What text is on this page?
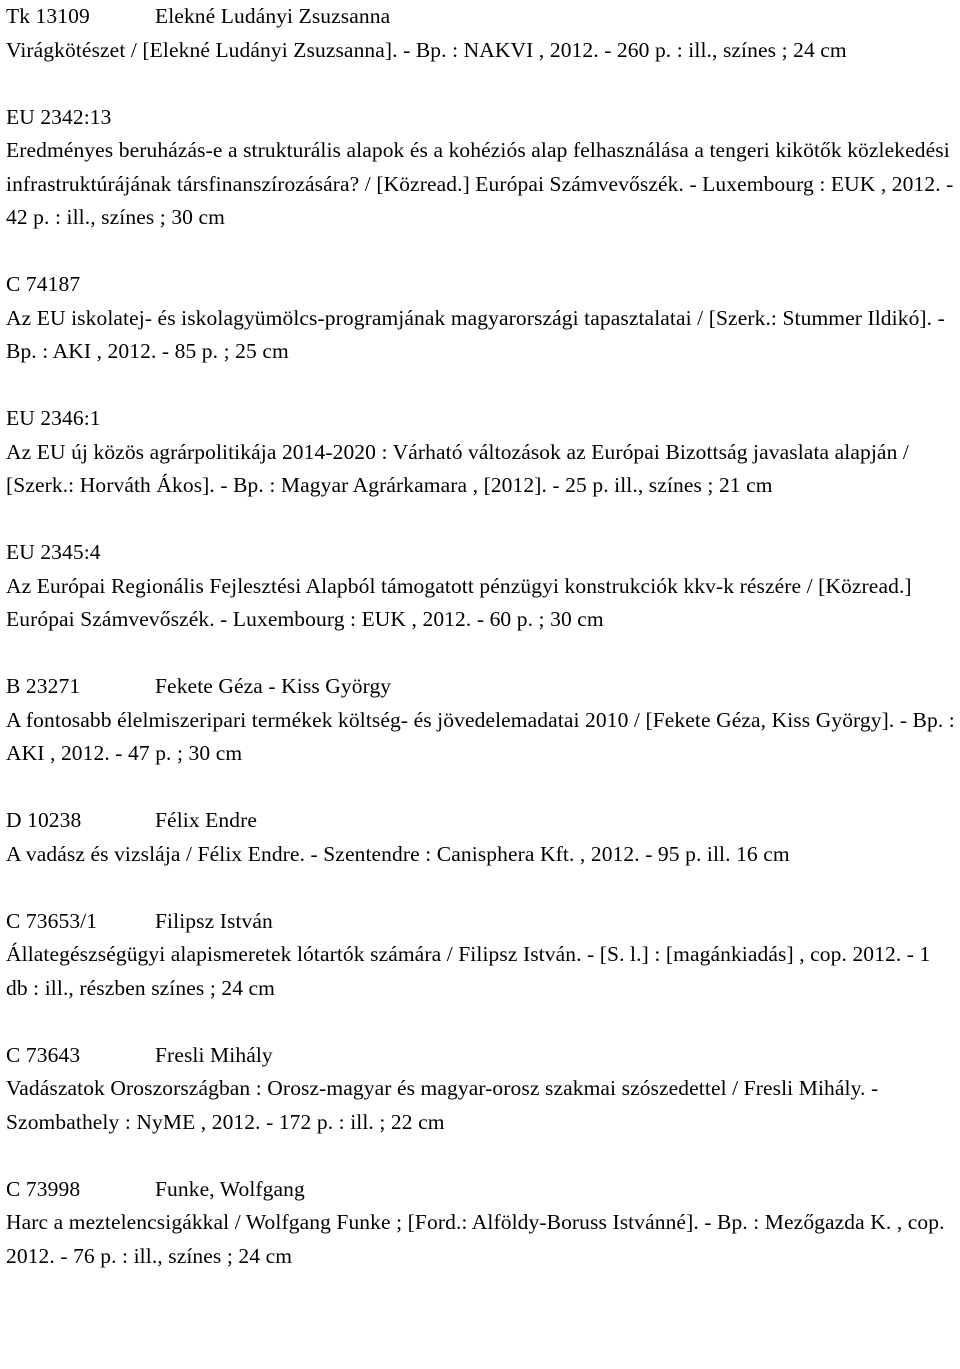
Tk 13109	Elekné Ludányi Zsuzsanna
Virágkötészet / [Elekné Ludányi Zsuzsanna]. - Bp. : NAKVI , 2012. - 260 p. : ill., színes ; 24 cm
EU 2342:13
Eredményes beruházás-e a strukturális alapok és a kohéziós alap felhasználása a tengeri kikötők közlekedési infrastruktúrájának társfinanszírozására? / [Közread.] Európai Számvevőszék. - Luxembourg : EUK , 2012. - 42 p. : ill., színes ; 30 cm
C 74187
Az EU iskolatej- és iskolagyümölcs-programjának magyarországi tapasztalatai / [Szerk.: Stummer Ildikó]. - Bp. : AKI , 2012. - 85 p. ; 25 cm
EU 2346:1
Az EU új közös agrárpolitikája 2014-2020 : Várható változások az Európai Bizottság javaslata alapján / [Szerk.: Horváth Ákos]. - Bp. : Magyar Agrárkamara , [2012]. - 25 p. ill., színes ; 21 cm
EU 2345:4
Az Európai Regionális Fejlesztési Alapból támogatott pénzügyi konstrukciók kkv-k részére / [Közread.] Európai Számvevőszék. - Luxembourg : EUK , 2012. - 60 p. ; 30 cm
B 23271	Fekete Géza - Kiss György
A fontosabb élelmiszeripari termékek költség- és jövedelemadatai 2010 / [Fekete Géza, Kiss György]. - Bp. : AKI , 2012. - 47 p. ; 30 cm
D 10238	Félix Endre
A vadász és vizslája / Félix Endre. - Szentendre : Canisphera Kft. , 2012. - 95 p. ill. 16 cm
C 73653/1	Filipsz István
Állategészségügyi alapismeretek lótartók számára / Filipsz István. - [S. l.] : [magánkiadás] , cop. 2012. - 1 db : ill., részben színes ; 24 cm
C 73643	Fresli Mihály
Vadászatok Oroszországban : Orosz-magyar és magyar-orosz szakmai szószedettel / Fresli Mihály. - Szombathely : NyME , 2012. - 172 p. : ill. ; 22 cm
C 73998	Funke, Wolfgang
Harc a meztelencsigákkal / Wolfgang Funke ; [Ford.: Alföldy-Boruss Istvánné]. - Bp. : Mezőgazda K. , cop. 2012. - 76 p. : ill., színes ; 24 cm
